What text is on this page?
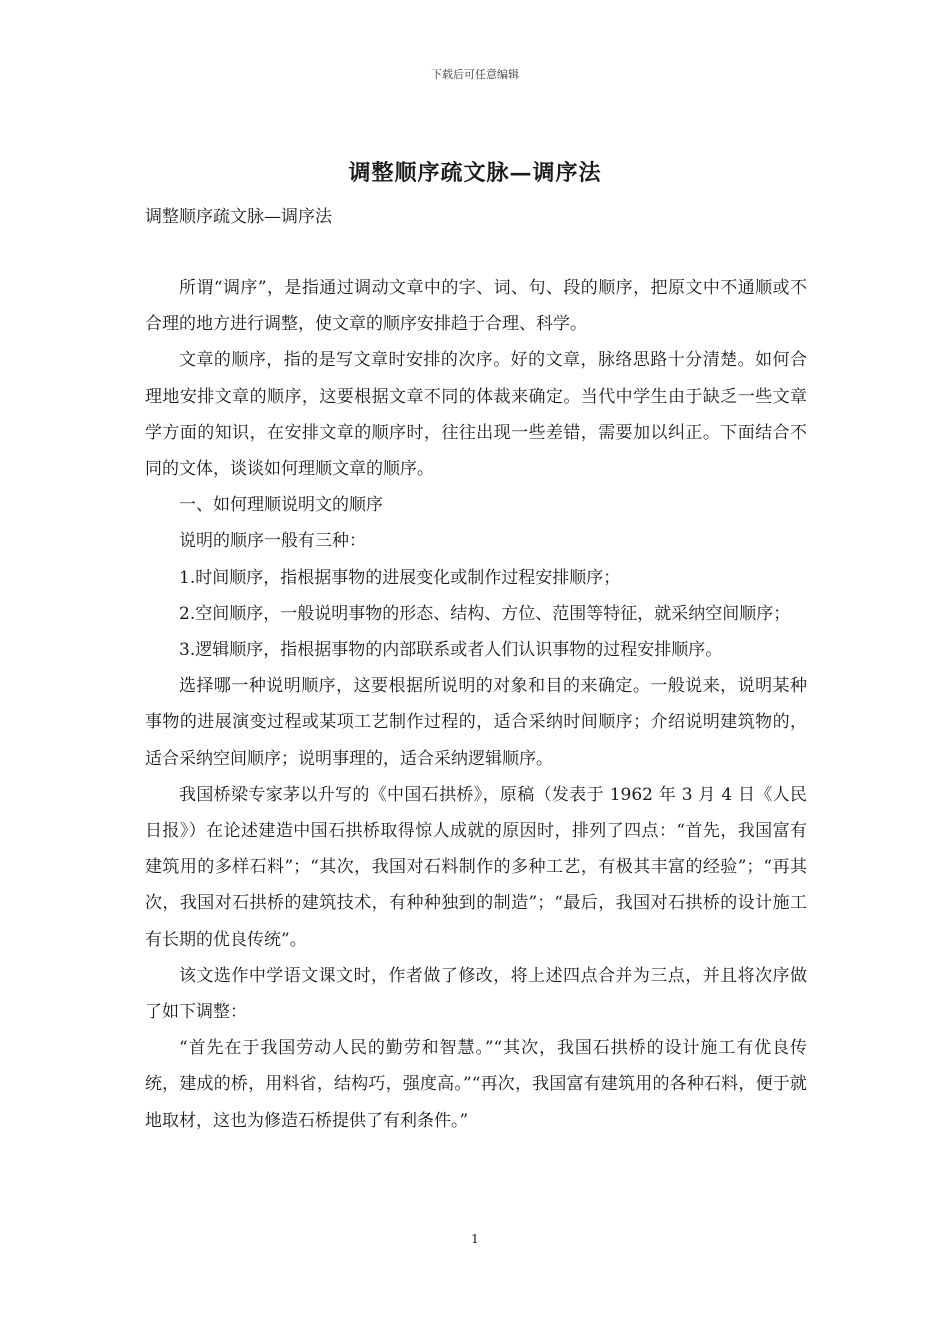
下载后可任意编辑
调整顺序疏文脉—调序法
调整顺序疏文脉—调序法

所谓“调序”，是指通过调动文章中的字、词、句、段的顺序，把原文中不通顺或不合理的地方进行调整，使文章的顺序安排趋于合理、科学。

文章的顺序，指的是写文章时安排的次序。好的文章，脉络思路十分清楚。如何合理地安排文章的顺序，这要根据文章不同的体裁来确定。当代中学生由于缺乏一些文章学方面的知识，在安排文章的顺序时，往往出现一些差错，需要加以纠正。下面结合不同的文体，谈谈如何理顺文章的顺序。

一、如何理顺说明文的顺序

说明的顺序一般有三种：

1.时间顺序，指根据事物的进展变化或制作过程安排顺序；

2.空间顺序，一般说明事物的形态、结构、方位、范围等特征，就采纳空间顺序；

3.逻辑顺序，指根据事物的内部联系或者人们认识事物的过程安排顺序。

选择哪一种说明顺序，这要根据所说明的对象和目的来确定。一般说来，说明某种事物的进展演变过程或某项工艺制作过程的，适合采纳时间顺序；介绍说明建筑物的，适合采纳空间顺序；说明事理的，适合采纳逻辑顺序。

我国桥梁专家茅以升写的《中国石拱桥》，原稿（发表于 1962 年 3 月 4 日《人民日报》）在论述建造中国石拱桥取得惊人成就的原因时，排列了四点：“首先，我国富有建筑用的多样石料”；“其次，我国对石料制作的多种工艺，有极其丰富的经验”；“再其次，我国对石拱桥的建筑技术，有种种独到的制造”；“最后，我国对石拱桥的设计施工有长期的优良传统”。

该文选作中学语文课文时，作者做了修改，将上述四点合并为三点，并且将次序做了如下调整：

“首先在于我国劳动人民的勤劳和智慧。”“其次，我国石拱桥的设计施工有优良传统，建成的桥，用料省，结构巧，强度高。”“再次，我国富有建筑用的各种石料，便于就地取材，这也为修造石桥提供了有利条件。”

1
